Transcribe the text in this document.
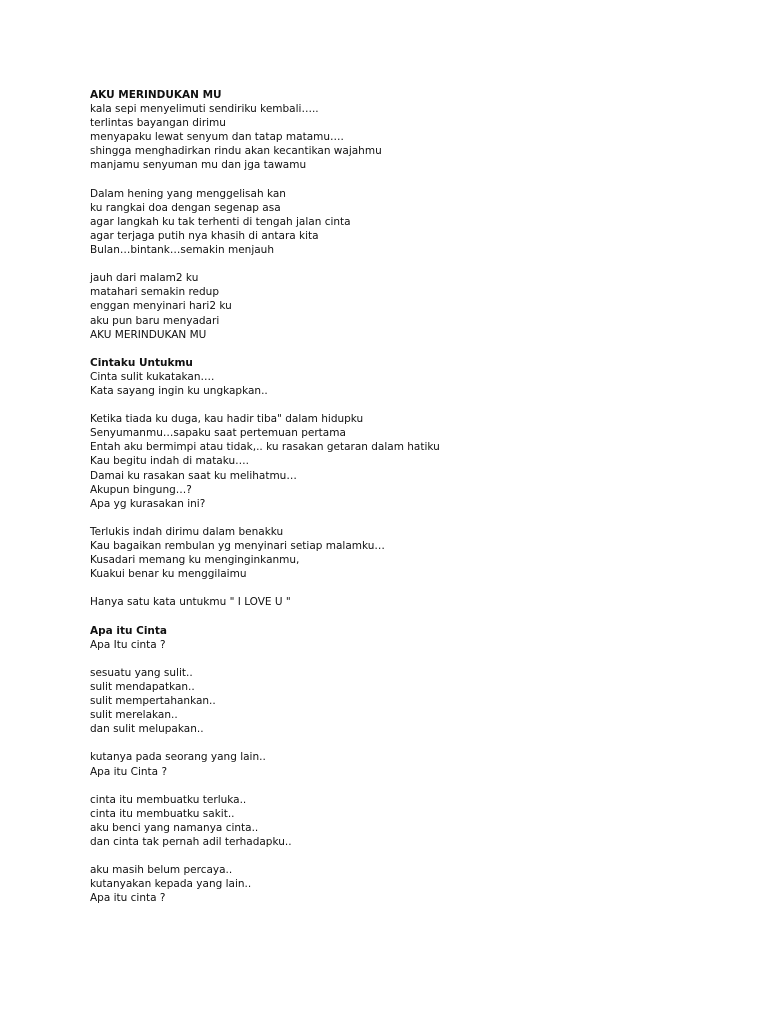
AKU MERINDUKAN MU
kala sepi menyelimuti sendiriku kembali…..
terlintas bayangan dirimu
menyapaku lewat senyum dan tatap matamu….
shingga menghadirkan rindu akan kecantikan wajahmu
manjamu senyuman mu dan jga tawamu
Dalam hening yang menggelisah kan
ku rangkai doa dengan segenap asa
agar langkah ku tak terhenti di tengah jalan cinta
agar terjaga putih nya khasih di antara kita
Bulan…bintank…semakin menjauh
jauh dari malam2 ku
matahari semakin redup
enggan menyinari hari2 ku
aku pun baru menyadari
AKU MERINDUKAN MU
Cintaku Untukmu
Cinta sulit kukatakan….
Kata sayang ingin ku ungkapkan..
Ketika tiada ku duga, kau hadir tiba" dalam hidupku
Senyumanmu…sapaku saat pertemuan pertama
Entah aku bermimpi atau tidak,.. ku rasakan getaran dalam hatiku
Kau begitu indah di mataku….
Damai ku rasakan saat ku melihatmu…
Akupun bingung…?
Apa yg kurasakan ini?
Terlukis indah dirimu dalam benakku
Kau bagaikan rembulan yg menyinari setiap malamku…
Kusadari memang ku menginginkanmu,
Kuakui benar ku menggilaimu
Hanya satu kata untukmu " I LOVE U "
Apa itu Cinta
Apa Itu cinta ?
sesuatu yang sulit..
sulit mendapatkan..
sulit mempertahankan..
sulit merelakan..
dan sulit melupakan..
kutanya pada seorang yang lain..
Apa itu Cinta ?
cinta itu membuatku terluka..
cinta itu membuatku sakit..
aku benci yang namanya cinta..
dan cinta tak pernah adil terhadapku..
aku masih belum percaya..
kutanyakan kepada yang lain..
Apa itu cinta ?
